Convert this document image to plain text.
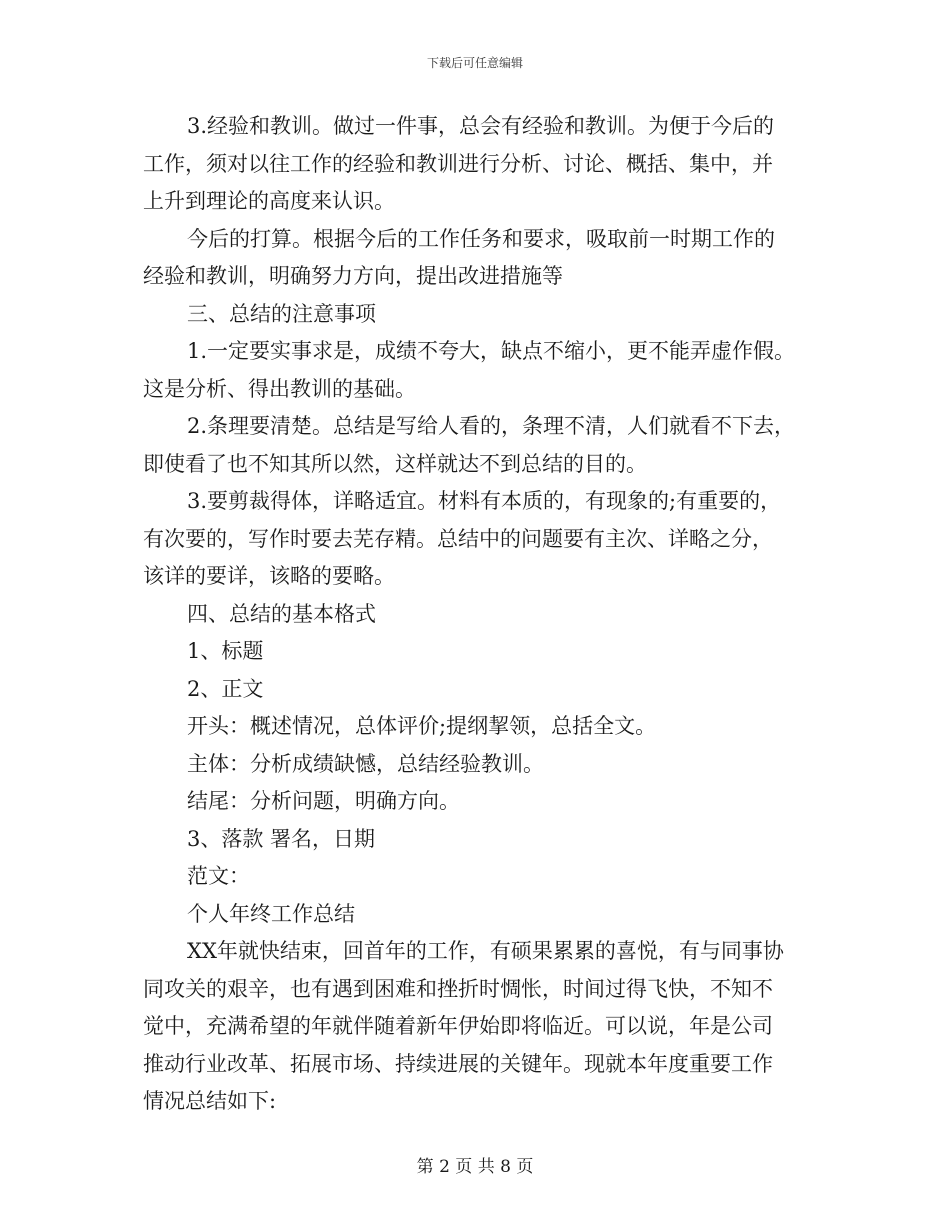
下载后可任意编辑
3.经验和教训。做过一件事，总会有经验和教训。为便于今后的
工作，须对以往工作的经验和教训进行分析、讨论、概括、集中，并
上升到理论的高度来认识。
今后的打算。根据今后的工作任务和要求，吸取前一时期工作的
经验和教训，明确努力方向，提出改进措施等
三、总结的注意事项
1.一定要实事求是，成绩不夸大，缺点不缩小，更不能弄虚作假。
这是分析、得出教训的基础。
2.条理要清楚。总结是写给人看的，条理不清，人们就看不下去，
即使看了也不知其所以然，这样就达不到总结的目的。
3.要剪裁得体，详略适宜。材料有本质的，有现象的;有重要的，
有次要的，写作时要去芜存精。总结中的问题要有主次、详略之分，
该详的要详，该略的要略。
四、总结的基本格式
1、标题
2、正文
开头：概述情况，总体评价;提纲挈领，总括全文。
主体：分析成绩缺憾，总结经验教训。
结尾：分析问题，明确方向。
3、落款 署名，日期
范文：
个人年终工作总结
XX年就快结束，回首年的工作，有硕果累累的喜悦，有与同事协
同攻关的艰辛，也有遇到困难和挫折时惆怅，时间过得飞快，不知不
觉中，充满希望的年就伴随着新年伊始即将临近。可以说，年是公司
推动行业改革、拓展市场、持续进展的关键年。现就本年度重要工作
情况总结如下:
第 2 页 共 8 页
